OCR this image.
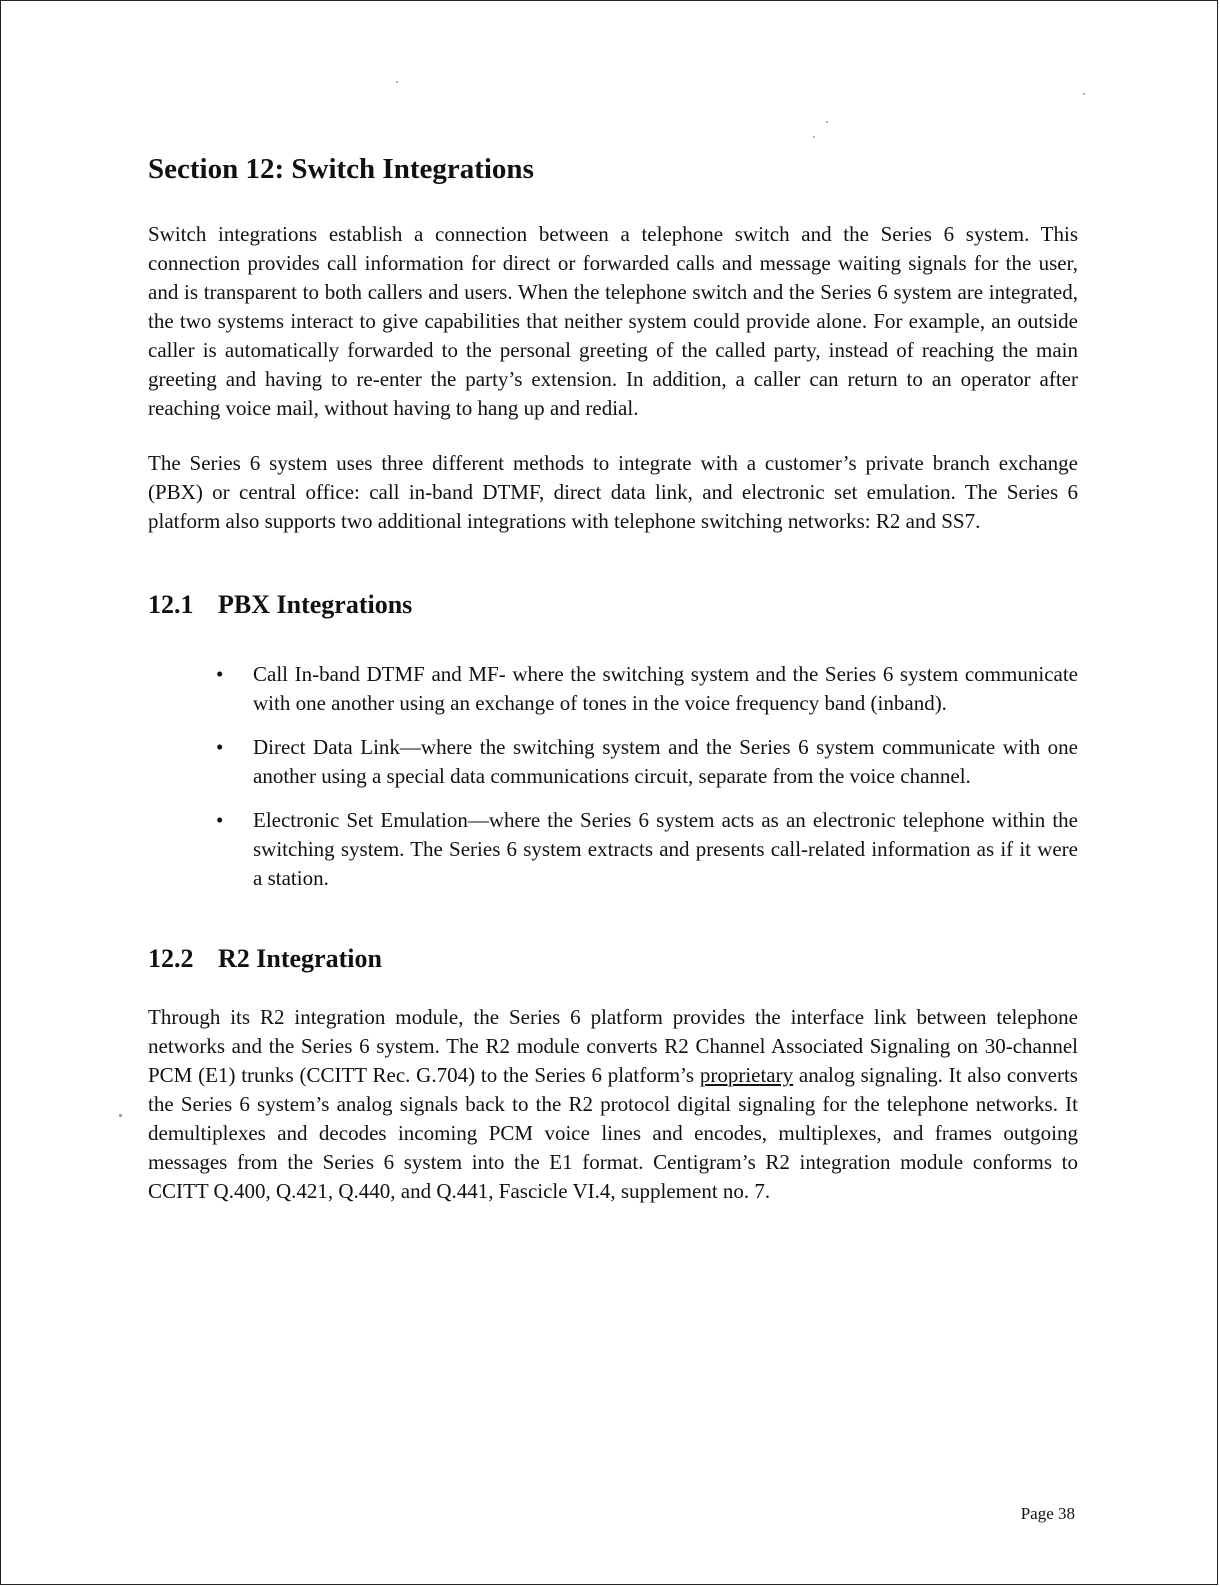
Section 12: Switch Integrations

Switch integrations establish a connection between a telephone switch and the Series 6 system. This connection provides call information for direct or forwarded calls and message waiting signals for the user, and is transparent to both callers and users. When the telephone switch and the Series 6 system are integrated, the two systems interact to give capabilities that neither system could provide alone. For example, an outside caller is automatically forwarded to the personal greeting of the called party, instead of reaching the main greeting and having to re-enter the party’s extension. In addition, a caller can return to an operator after reaching voice mail, without having to hang up and redial.

The Series 6 system uses three different methods to integrate with a customer’s private branch exchange (PBX) or central office: call in-band DTMF, direct data link, and electronic set emulation. The Series 6 platform also supports two additional integrations with telephone switching networks: R2 and SS7.

12.1 PBX Integrations
• Call In-band DTMF and MF- where the switching system and the Series 6 system communicate with one another using an exchange of tones in the voice frequency band (inband).
• Direct Data Link—where the switching system and the Series 6 system communicate with one another using a special data communications circuit, separate from the voice channel.
• Electronic Set Emulation—where the Series 6 system acts as an electronic telephone within the switching system. The Series 6 system extracts and presents call-related information as if it were a station.
12.2 R2 Integration

Through its R2 integration module, the Series 6 platform provides the interface link between telephone networks and the Series 6 system. The R2 module converts R2 Channel Associated Signaling on 30-channel PCM (E1) trunks (CCITT Rec. G.704) to the Series 6 platform’s proprietary analog signaling. It also converts the Series 6 system’s analog signals back to the R2 protocol digital signaling for the telephone networks. It demultiplexes and decodes incoming PCM voice lines and encodes, multiplexes, and frames outgoing messages from the Series 6 system into the E1 format. Centigram’s R2 integration module conforms to CCITT Q.400, Q.421, Q.440, and Q.441, Fascicle VI.4, supplement no. 7.

Page 38
